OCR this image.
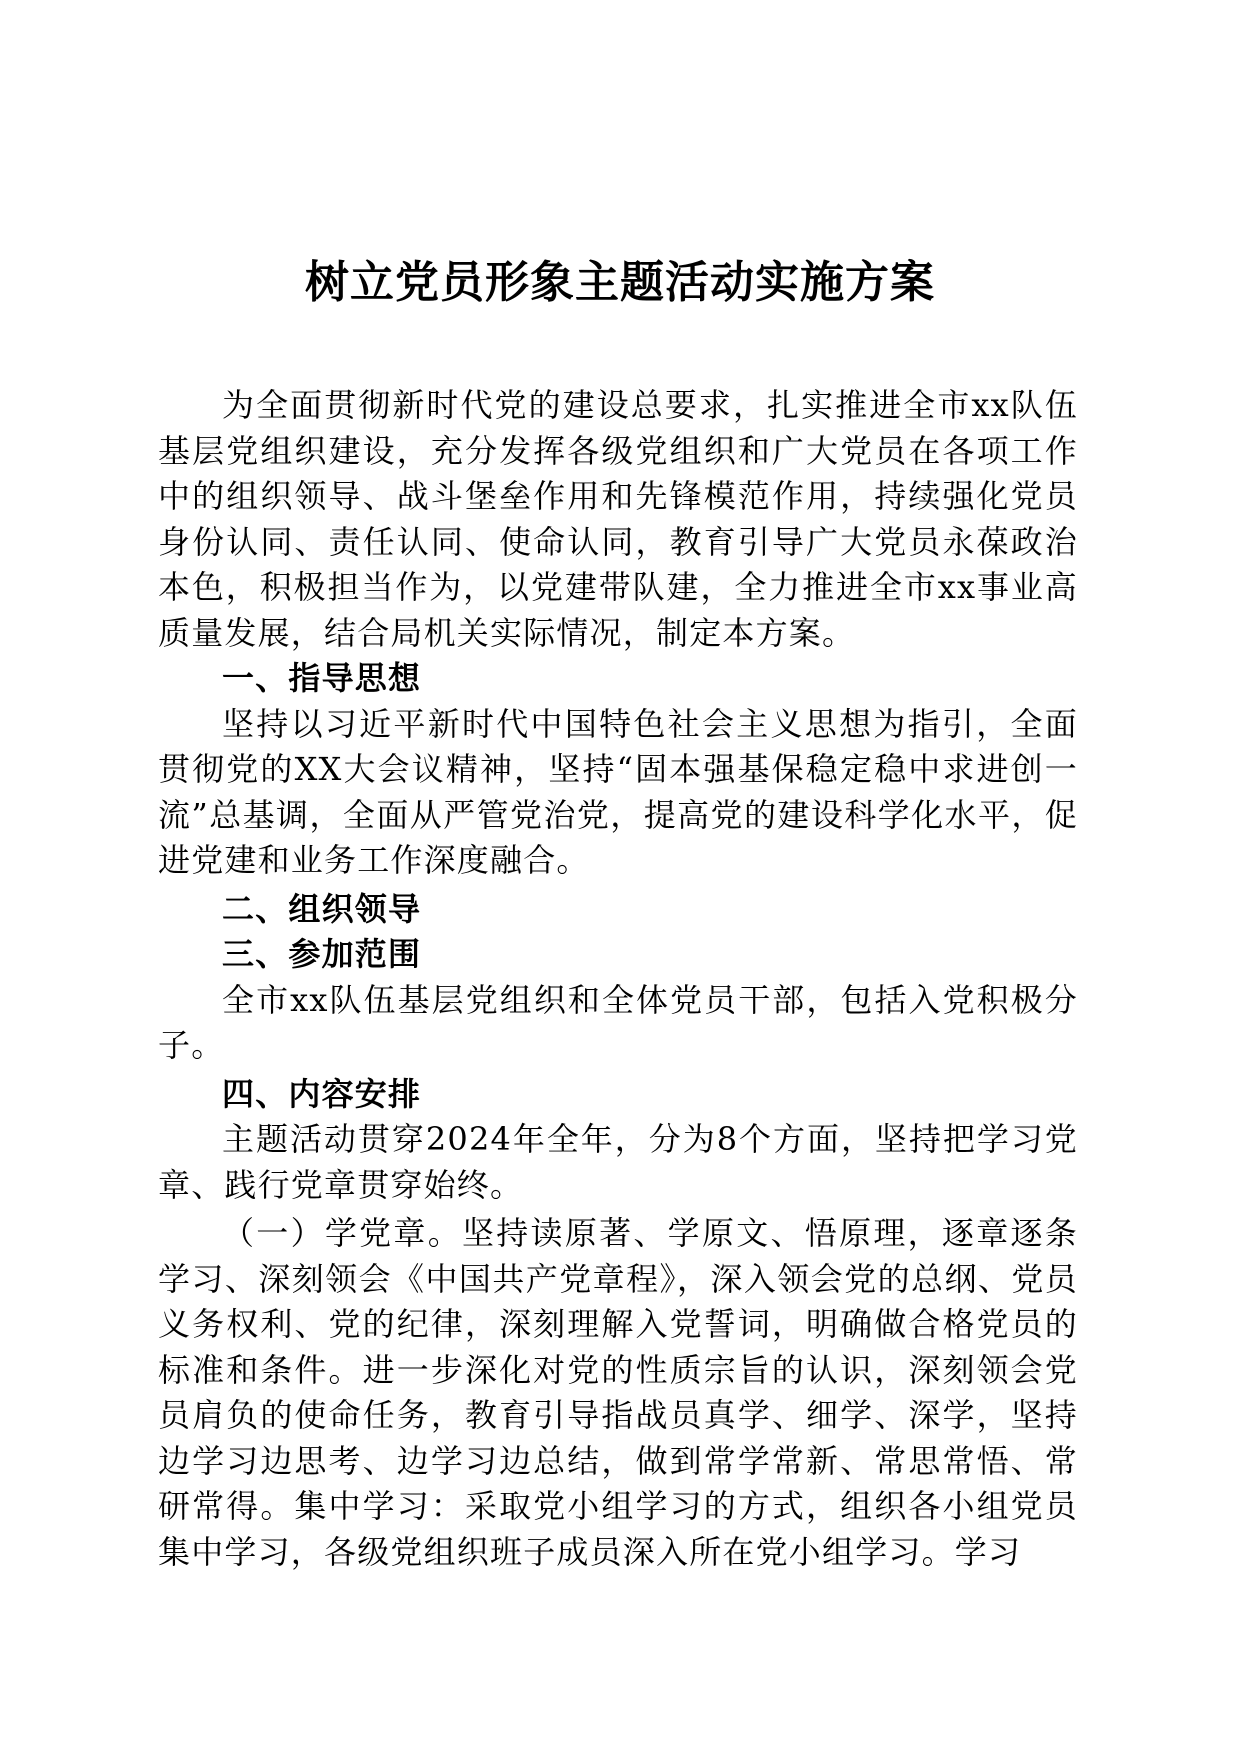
树立党员形象主题活动实施方案

为全面贯彻新时代党的建设总要求，扎实推进全市xx队伍基层党组织建设，充分发挥各级党组织和广大党员在各项工作中的组织领导、战斗堡垒作用和先锋模范作用，持续强化党员身份认同、责任认同、使命认同，教育引导广大党员永葆政治本色，积极担当作为，以党建带队建，全力推进全市xx事业高质量发展，结合局机关实际情况，制定本方案。

一、指导思想

坚持以习近平新时代中国特色社会主义思想为指引，全面贯彻党的XX大会议精神，坚持“固本强基保稳定稳中求进创一流”总基调，全面从严管党治党，提高党的建设科学化水平，促进党建和业务工作深度融合。

二、组织领导
三、参加范围

全市xx队伍基层党组织和全体党员干部，包括入党积极分子。

四、内容安排

主题活动贯穿2024年全年，分为8个方面，坚持把学习党章、践行党章贯穿始终。

（一）学党章。坚持读原著、学原文、悟原理，逐章逐条学习、深刻领会《中国共产党章程》，深入领会党的总纲、党员义务权利、党的纪律，深刻理解入党誓词，明确做合格党员的标准和条件。进一步深化对党的性质宗旨的认识，深刻领会党员肩负的使命任务，教育引导指战员真学、细学、深学，坚持边学习边思考、边学习边总结，做到常学常新、常思常悟、常研常得。集中学习：采取党小组学习的方式，组织各小组党员集中学习，各级党组织班子成员深入所在党小组学习。学习
